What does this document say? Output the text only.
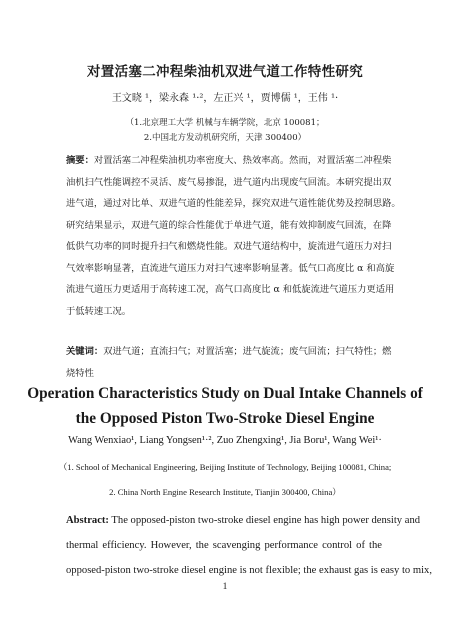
对置活塞二冲程柴油机双进气道工作特性研究
王文晓 ¹，梁永森 ¹·²，左正兴 ¹，贾博儒 ¹，王伟 ¹·
（1.北京理工大学 机械与车辆学院，北京 100081；
2.中国北方发动机研究所，天津 300400）
摘要：对置活塞二冲程柴油机功率密度大、热效率高。然而，对置活塞二冲程柴
油机扫气性能调控不灵活、废气易掺混，进气道内出现废气回流。本研究提出双
进气道，通过对比单、双进气道的性能差异，探究双进气道性能优势及控制思路。
研究结果显示，双进气道的综合性能优于单进气道，能有效抑制废气回流，在降
低供气功率的同时提升扫气和燃烧性能。双进气道结构中，旋流进气道压力对扫
气效率影响显著，直流进气道压力对扫气速率影响显著。低气口高度比 α 和高旋
流进气道压力更适用于高转速工况，高气口高度比 α 和低旋流进气道压力更适用
于低转速工况。
关键词：双进气道；直流扫气；对置活塞；进气旋流；废气回流；扫气特性；燃
烧特性
Operation Characteristics Study on Dual Intake Channels of
the Opposed Piston Two-Stroke Diesel Engine
Wang Wenxiao¹, Liang Yongsen¹·², Zuo Zhengxing¹, Jia Boru¹, Wang Wei¹·
（1. School of Mechanical Engineering, Beijing Institute of Technology, Beijing 100081, China;
2. China North Engine Research Institute, Tianjin 300400, China）
Abstract: The opposed-piston two-stroke diesel engine has high power density and
thermal efficiency. However, the scavenging performance control of the
opposed-piston two-stroke diesel engine is not flexible; the exhaust gas is easy to mix,
1
